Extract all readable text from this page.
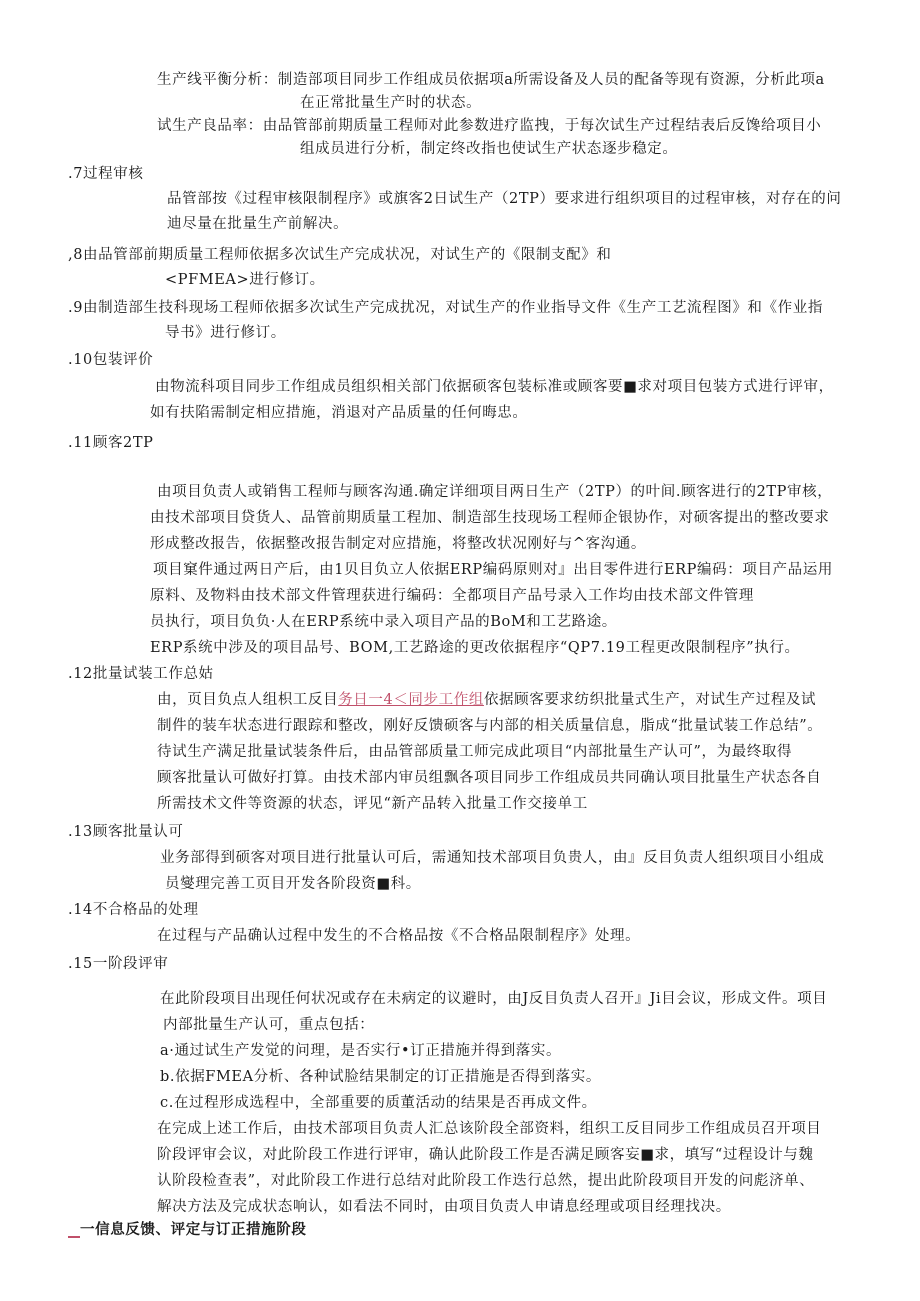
生产线平衡分析：制造部项目同步工作组成员依据项a所需设备及人员的配备等现有资源，分析此项a
在正常批量生产时的状态。
试生产良品率：由品管部前期质量工程师对此参数进疗监拽，于每次试生产过程结表后反馋给项目小
组成员进行分析，制定终改指也使试生产状态逐步稳定。
.7过程审核
品管部按《过程审核限制程序》或旗客2日试生产（2TP）要求进行组织项目的过程审核，对存在的问
迪尽量在批量生产前解决。
,8由品管部前期质量工程师依据多次试生产完成状况，对试生产的《限制支配》和
<PFMEA>进行修订。
.9由制造部生技科现场工程师依据多次试生产完成扰况，对试生产的作业指导文件《生产工艺流程图》和《作业指
导书》进行修订。
.10包装评价
由物流科项目同步工作组成员组织相关部门依据硕客包装标准或顾客要■求对项目包装方式进行评审，
如有扶陷需制定相应措施，消退对产品质量的任何晦忠。
.11顾客2TP
由项目负责人或销售工程师与顾客沟通.确定详细项目两日生产（2TP）的叶间.顾客进行的2TP审核，
由技术部项目贷货人、品管前期质量工程加、制造部生技现场工程师企银协作，对硕客提出的整改要求
形成整改报告，依据整改报告制定对应措施，将整改状况刚好与^客沟通。
项目窠件通过两日产后，由1贝目负立人依据ERP编码原则对』出目零件进行ERP编码：项目产品运用
原料、及物料由技术部文件管理获进行编码：全都项目产品号录入工作均由技术部文件管理
员执行，项目负负·人在ERP系统中录入项目产品的BoM和工艺路途。
ERP系统中涉及的项目品号、BOM,工艺路途的更改依据程序“QP7.19工程更改限制程序”执行。
.12批量试装工作总姑
由，页目负点人组枳工反目务日一4＜同步工作组依据顾客要求纺织批量式生产，对试生产过程及试
制件的装车状态进行跟踪和整改，刚好反馈硕客与内部的相关质量信息，脂成“批量试装工作总结”。
待试生产满足批量试装条件后，由品管部质量工师完成此项目“内部批量生产认可”，为最终取得
顾客批量认可做好打算。由技术部内审员组飘各项目同步工作组成员共同确认项目批量生产状态各自
所需技术文件等资源的状态，评见“新产品转入批量工作交接单工
.13顾客批量认可
业务部得到硕客对项目进行批量认可后，需通知技术部项目负贵人，由』反目负责人组织项目小组成
员燮理完善工页目开发各阶段资■科。
.14不合格品的处理
在过程与产品确认过程中发生的不合格品按《不合格品限制程序》处理。
.15一阶段评审
在此阶段项目出现任何状况或存在未病定的议避时，由J反目负责人召开』Ji目会议，形成文件。项目
内部批量生产认可，重点包括：
a·通过试生产发觉的问理，是否实行•订正措施并得到落实。
b.依据FMEA分析、各种试脸结果制定的订正措施是否得到落实。
c.在过程形成选程中，全部重要的质董活动的结果是否再成文件。
在完成上述工作后，由技术部项目负责人汇总该阶段全部资料，组织工反目同步工作组成员召开项目
阶段评审会议，对此阶段工作进行评审，确认此阶段工作是否满足顾客妄■求，填写“过程设计与魏
认阶段检查表”，对此阶段工作进行总结对此阶段工作迭行总然，提出此阶段项目开发的问彪济单、
解决方法及完成状态响认，如看法不同时，由项目负责人申请息经理或项目经理找决。
一信息反馈、评定与订正措施阶段
